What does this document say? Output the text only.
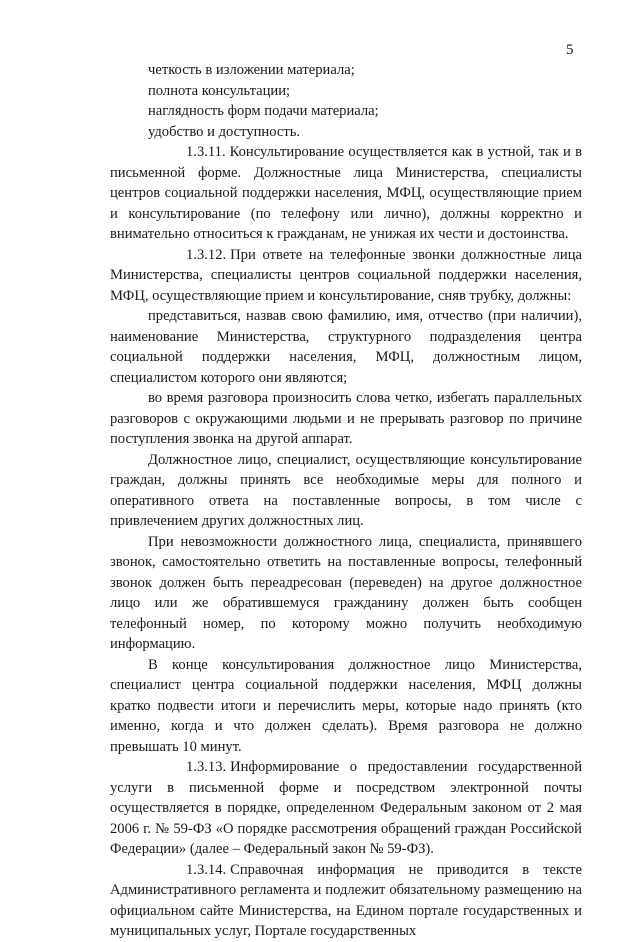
5

четкость в изложении материала;

полнота консультации;

наглядность форм подачи материала;

удобство и доступность.

1.3.11. Консультирование осуществляется как в устной, так и в письменной форме. Должностные лица Министерства, специалисты центров социальной поддержки населения, МФЦ, осуществляющие прием и консультирование (по телефону или лично), должны корректно и внимательно относиться к гражданам, не унижая их чести и достоинства.

1.3.12. При ответе на телефонные звонки должностные лица Министерства, специалисты центров социальной поддержки населения, МФЦ, осуществляющие прием и консультирование, сняв трубку, должны:

представиться, назвав свою фамилию, имя, отчество (при наличии), наименование Министерства, структурного подразделения центра социальной поддержки населения, МФЦ, должностным лицом, специалистом которого они являются;

во время разговора произносить слова четко, избегать параллельных разговоров с окружающими людьми и не прерывать разговор по причине поступления звонка на другой аппарат.

Должностное лицо, специалист, осуществляющие консультирование граждан, должны принять все необходимые меры для полного и оперативного ответа на поставленные вопросы, в том числе с привлечением других должностных лиц.

При невозможности должностного лица, специалиста, принявшего звонок, самостоятельно ответить на поставленные вопросы, телефонный звонок должен быть переадресован (переведен) на другое должностное лицо или же обратившемуся гражданину должен быть сообщен телефонный номер, по которому можно получить необходимую информацию.

В конце консультирования должностное лицо Министерства, специалист центра социальной поддержки населения, МФЦ должны кратко подвести итоги и перечислить меры, которые надо принять (кто именно, когда и что должен сделать). Время разговора не должно превышать 10 минут.

1.3.13. Информирование о предоставлении государственной услуги в письменной форме и посредством электронной почты осуществляется в порядке, определенном Федеральным законом от 2 мая 2006 г. № 59-ФЗ «О порядке рассмотрения обращений граждан Российской Федерации» (далее – Федеральный закон № 59-ФЗ).

1.3.14. Справочная информация не приводится в тексте Административного регламента и подлежит обязательному размещению на официальном сайте Министерства, на Едином портале государственных и муниципальных услуг, Портале государственных
